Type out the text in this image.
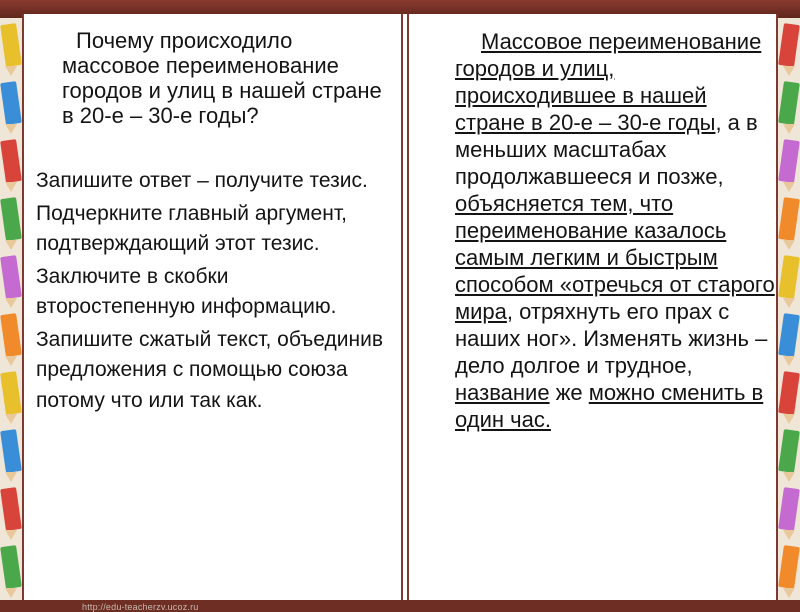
Почему происходило массовое переименование городов и улиц в нашей стране в 20-е – 30-е годы?

Запишите ответ – получите тезис.

Подчеркните главный аргумент, подтверждающий этот тезис.

Заключите в скобки второстепенную информацию.

Запишите сжатый текст, объединив предложения с помощью союза потому что или так как.

Массовое переименование городов и улиц, происходившее в нашей стране в 20-е – 30-е годы, а в меньших масштабах продолжавшееся и позже, объясняется тем, что переименование казалось самым легким и быстрым способом «отречься от старого мира, отряхнуть его прах с наших ног». Изменять жизнь – дело долгое и трудное, название же можно сменить в один час.
http://edu-teacherzv.ucoz.ru
